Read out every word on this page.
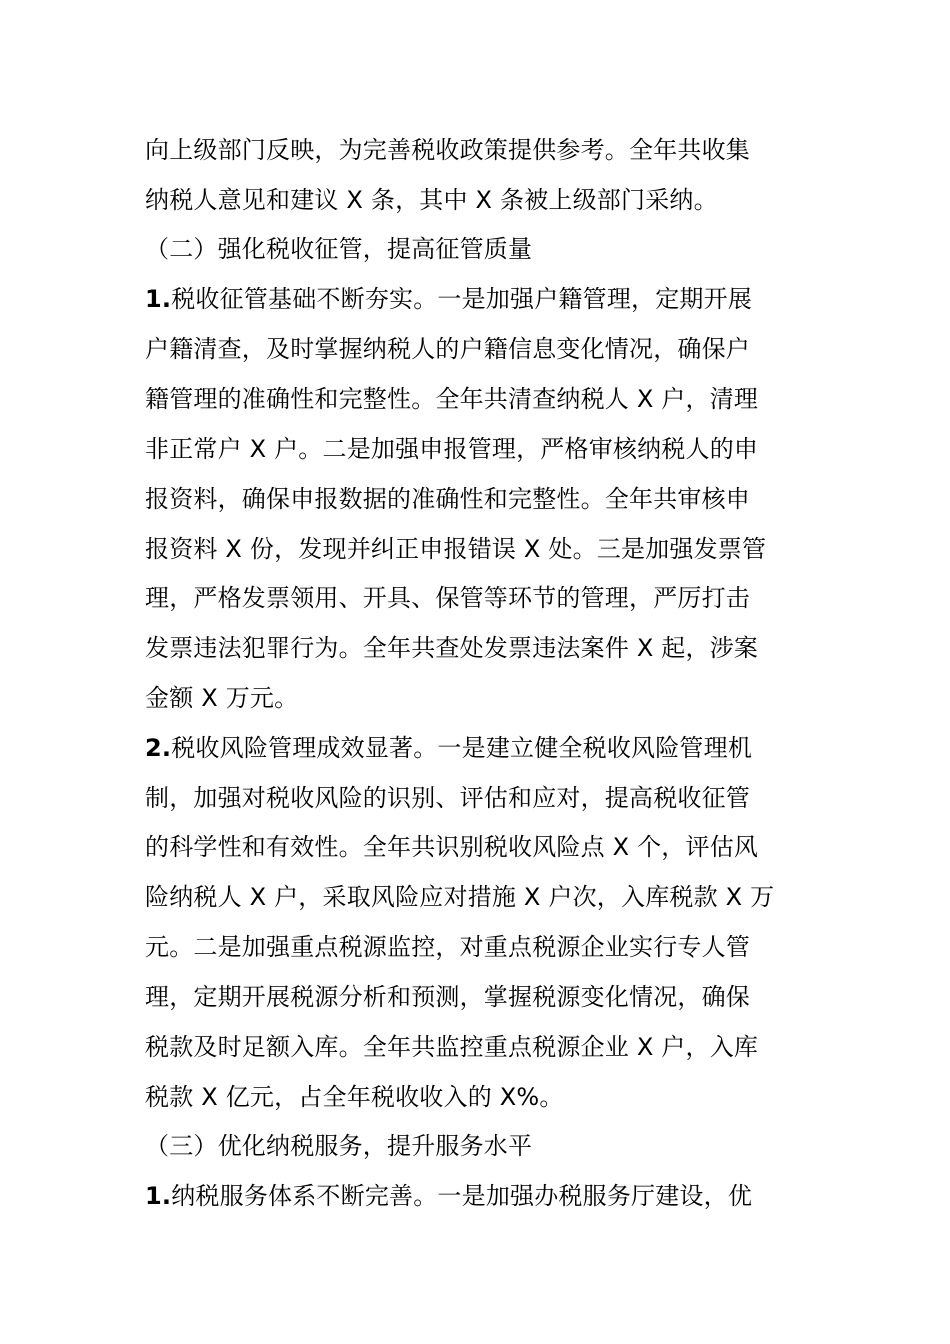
向上级部门反映，为完善税收政策提供参考。全年共收集
纳税人意见和建议 X 条，其中 X 条被上级部门采纳。
（二）强化税收征管，提高征管质量
1.税收征管基础不断夯实。一是加强户籍管理，定期开展
户籍清查，及时掌握纳税人的户籍信息变化情况，确保户
籍管理的准确性和完整性。全年共清查纳税人 X 户，清理
非正常户 X 户。二是加强申报管理，严格审核纳税人的申
报资料，确保申报数据的准确性和完整性。全年共审核申
报资料 X 份，发现并纠正申报错误 X 处。三是加强发票管
理，严格发票领用、开具、保管等环节的管理，严厉打击
发票违法犯罪行为。全年共查处发票违法案件 X 起，涉案
金额 X 万元。
2.税收风险管理成效显著。一是建立健全税收风险管理机
制，加强对税收风险的识别、评估和应对，提高税收征管
的科学性和有效性。全年共识别税收风险点 X 个，评估风
险纳税人 X 户，采取风险应对措施 X 户次，入库税款 X 万
元。二是加强重点税源监控，对重点税源企业实行专人管
理，定期开展税源分析和预测，掌握税源变化情况，确保
税款及时足额入库。全年共监控重点税源企业 X 户，入库
税款 X 亿元，占全年税收收入的 X%。
（三）优化纳税服务，提升服务水平
1.纳税服务体系不断完善。一是加强办税服务厅建设，优
